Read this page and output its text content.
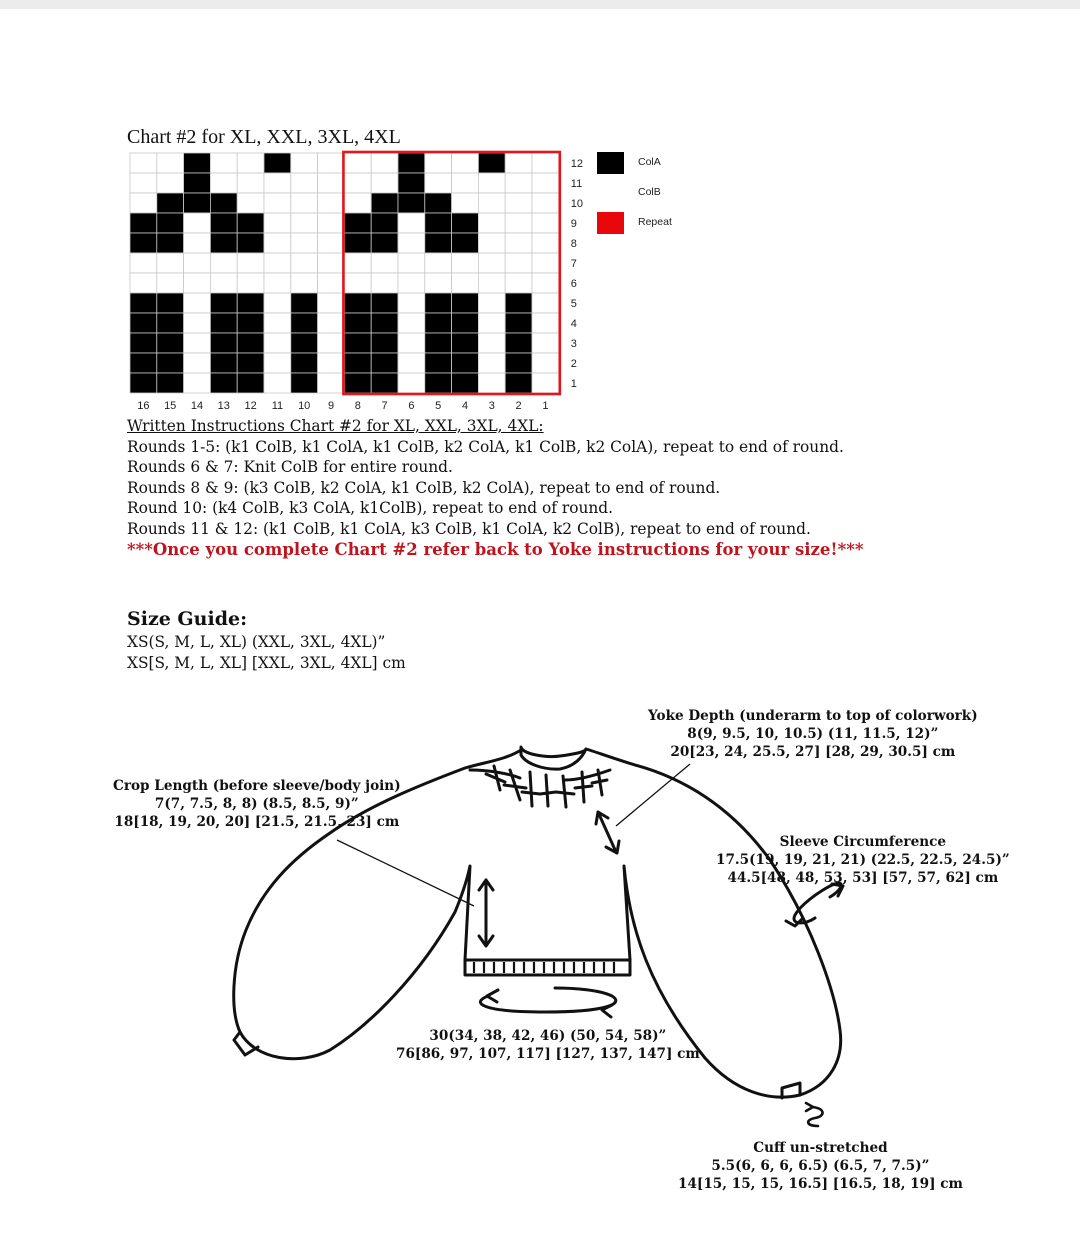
Chart #2 for XL, XXL, 3XL, 4XL
12
11
10
9
8
7
6
5
4
3
2
1
16 15 14 13 12 11 10 9 8 7 6 5 4 3 2 1
ColA
ColB
Repeat
Written Instructions Chart #2 for XL, XXL, 3XL, 4XL:
Rounds 1-5: (k1 ColB, k1 ColA, k1 ColB, k2 ColA, k1 ColB, k2 ColA), repeat to end of round.
Rounds 6 & 7: Knit ColB for entire round.
Rounds 8 & 9: (k3 ColB, k2 ColA, k1 ColB, k2 ColA), repeat to end of round.
Round 10: (k4 ColB, k3 ColA, k1ColB), repeat to end of round.
Rounds 11 & 12: (k1 ColB, k1 ColA, k3 ColB, k1 ColA, k2 ColB), repeat to end of round.
***Once you complete Chart #2 refer back to Yoke instructions for your size!***
Size Guide:
XS(S, M, L, XL) (XXL, 3XL, 4XL)”
XS[S, M, L, XL] [XXL, 3XL, 4XL] cm
Yoke Depth (underarm to top of colorwork)
8(9, 9.5, 10, 10.5) (11, 11.5, 12)”
20[23, 24, 25.5, 27] [28, 29, 30.5] cm
Crop Length (before sleeve/body join)
7(7, 7.5, 8, 8) (8.5, 8.5, 9)”
18[18, 19, 20, 20] [21.5, 21.5, 23] cm
Sleeve Circumference
17.5(19, 19, 21, 21) (22.5, 22.5, 24.5)”
44.5[48, 48, 53, 53] [57, 57, 62] cm
30(34, 38, 42, 46) (50, 54, 58)”
76[86, 97, 107, 117] [127, 137, 147] cm
Cuff un-stretched
5.5(6, 6, 6, 6.5) (6.5, 7, 7.5)”
14[15, 15, 15, 16.5] [16.5, 18, 19] cm
